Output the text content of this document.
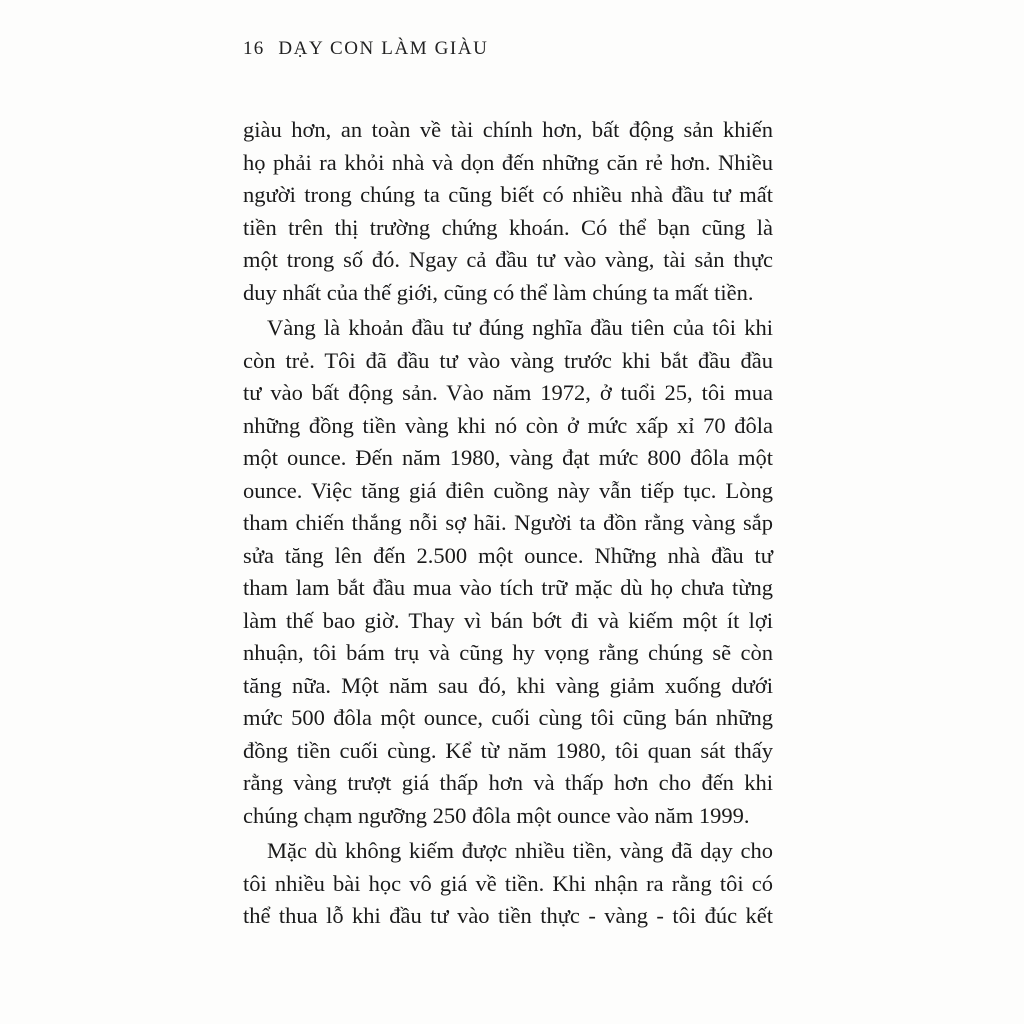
16 DẠY CON LÀM GIÀU
giàu hơn, an toàn về tài chính hơn, bất động sản khiến
họ phải ra khỏi nhà và dọn đến những căn rẻ hơn. Nhiều
người trong chúng ta cũng biết có nhiều nhà đầu tư mất
tiền trên thị trường chứng khoán. Có thể bạn cũng là
một trong số đó. Ngay cả đầu tư vào vàng, tài sản thực
duy nhất của thế giới, cũng có thể làm chúng ta mất tiền.
Vàng là khoản đầu tư đúng nghĩa đầu tiên của tôi khi
còn trẻ. Tôi đã đầu tư vào vàng trước khi bắt đầu đầu
tư vào bất động sản. Vào năm 1972, ở tuổi 25, tôi mua
những đồng tiền vàng khi nó còn ở mức xấp xỉ 70 đôla
một ounce. Đến năm 1980, vàng đạt mức 800 đôla một
ounce. Việc tăng giá điên cuồng này vẫn tiếp tục. Lòng
tham chiến thắng nỗi sợ hãi. Người ta đồn rằng vàng sắp
sửa tăng lên đến 2.500 một ounce. Những nhà đầu tư
tham lam bắt đầu mua vào tích trữ mặc dù họ chưa từng
làm thế bao giờ. Thay vì bán bớt đi và kiếm một ít lợi
nhuận, tôi bám trụ và cũng hy vọng rằng chúng sẽ còn
tăng nữa. Một năm sau đó, khi vàng giảm xuống dưới
mức 500 đôla một ounce, cuối cùng tôi cũng bán những
đồng tiền cuối cùng. Kể từ năm 1980, tôi quan sát thấy
rằng vàng trượt giá thấp hơn và thấp hơn cho đến khi
chúng chạm ngưỡng 250 đôla một ounce vào năm 1999.
Mặc dù không kiếm được nhiều tiền, vàng đã dạy cho
tôi nhiều bài học vô giá về tiền. Khi nhận ra rằng tôi có
thể thua lỗ khi đầu tư vào tiền thực - vàng - tôi đúc kết
